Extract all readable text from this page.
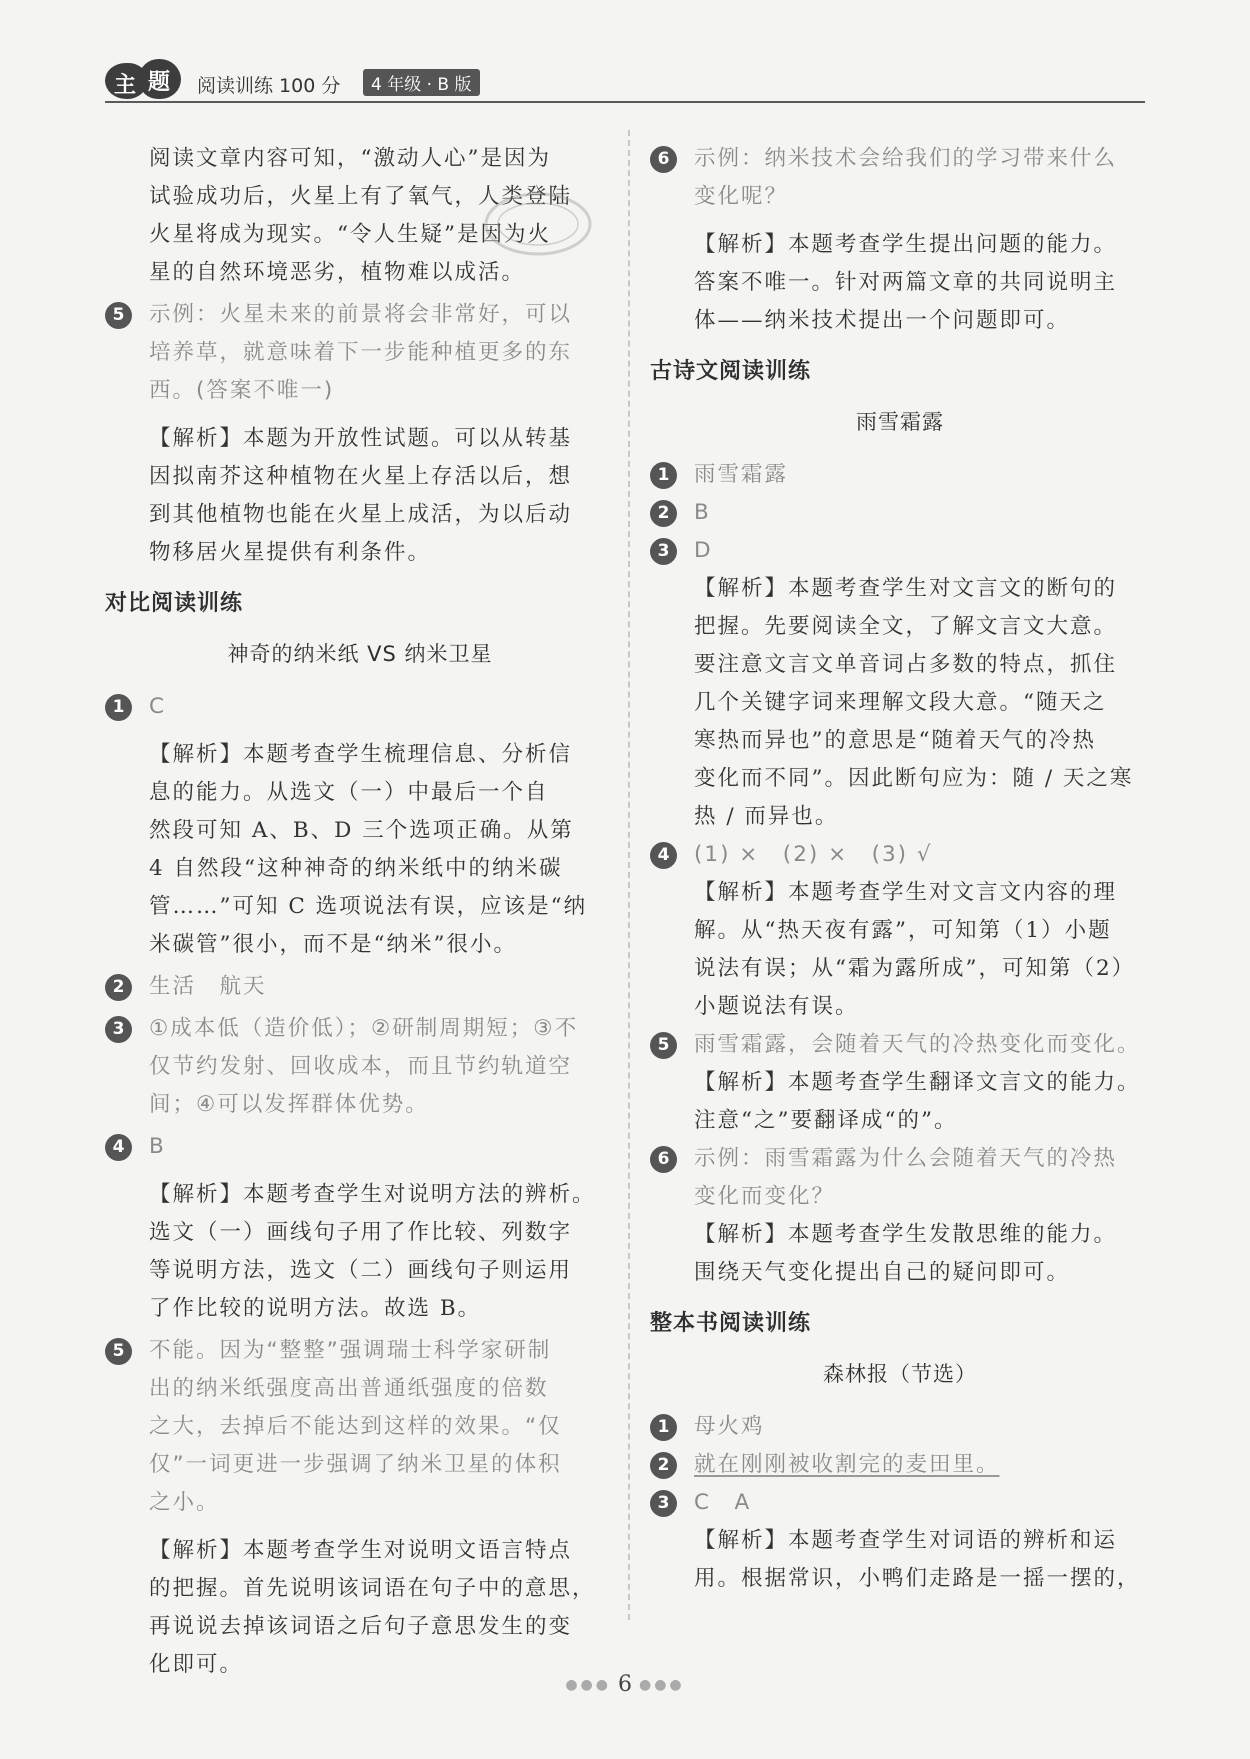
主 题 阅读训练 100 分	4 年级 · B 版
阅读文章内容可知，“激动人心”是因为
试验成功后，火星上有了氧气，人类登陆
火星将成为现实。“令人生疑”是因为火
星的自然环境恶劣，植物难以成活。
5	示例：火星未来的前景将会非常好，可以
培养草，就意味着下一步能种植更多的东
西。(答案不唯一)
【解析】本题为开放性试题。可以从转基
因拟南芥这种植物在火星上存活以后，想
到其他植物也能在火星上成活，为以后动
物移居火星提供有利条件。
对比阅读训练
神奇的纳米纸 VS 纳米卫星
1	C
【解析】本题考查学生梳理信息、分析信
息的能力。从选文（一）中最后一个自
然段可知 A、B、D 三个选项正确。从第
4 自然段“这种神奇的纳米纸中的纳米碳
管……”可知 C 选项说法有误，应该是“纳
米碳管”很小，而不是“纳米”很小。
2	生活　航天
3	①成本低（造价低）；②研制周期短；③不
仅节约发射、回收成本，而且节约轨道空
间；④可以发挥群体优势。
4	B
【解析】本题考查学生对说明方法的辨析。
选文（一）画线句子用了作比较、列数字
等说明方法，选文（二）画线句子则运用
了作比较的说明方法。故选 B。
5	不能。因为“整整”强调瑞士科学家研制
出的纳米纸强度高出普通纸强度的倍数
之大，去掉后不能达到这样的效果。“仅
仅”一词更进一步强调了纳米卫星的体积
之小。
【解析】本题考查学生对说明文语言特点
的把握。首先说明该词语在句子中的意思，
再说说去掉该词语之后句子意思发生的变
化即可。
6	示例：纳米技术会给我们的学习带来什么
变化呢？
【解析】本题考查学生提出问题的能力。
答案不唯一。针对两篇文章的共同说明主
体——纳米技术提出一个问题即可。
古诗文阅读训练
雨雪霜露
1	雨雪霜露
2	B
3	D
【解析】本题考查学生对文言文的断句的
把握。先要阅读全文，了解文言文大意。
要注意文言文单音词占多数的特点，抓住
几个关键字词来理解文段大意。“随天之
寒热而异也”的意思是“随着天气的冷热
变化而不同”。因此断句应为：随 / 天之寒
热 / 而异也。
4	(1) ×　(2) ×　(3) √
【解析】本题考查学生对文言文内容的理
解。从“热天夜有露”，可知第（1）小题
说法有误；从“霜为露所成”，可知第（2）
小题说法有误。
5	雨雪霜露，会随着天气的冷热变化而变化。
【解析】本题考查学生翻译文言文的能力。
注意“之”要翻译成“的”。
6	示例：雨雪霜露为什么会随着天气的冷热
变化而变化？
【解析】本题考查学生发散思维的能力。
围绕天气变化提出自己的疑问即可。
整本书阅读训练
森林报（节选）
1	母火鸡
2	就在刚刚被收割完的麦田里。
3	C　A
【解析】本题考查学生对词语的辨析和运
用。根据常识，小鸭们走路是一摇一摆的，
●●● 6 ●●●
